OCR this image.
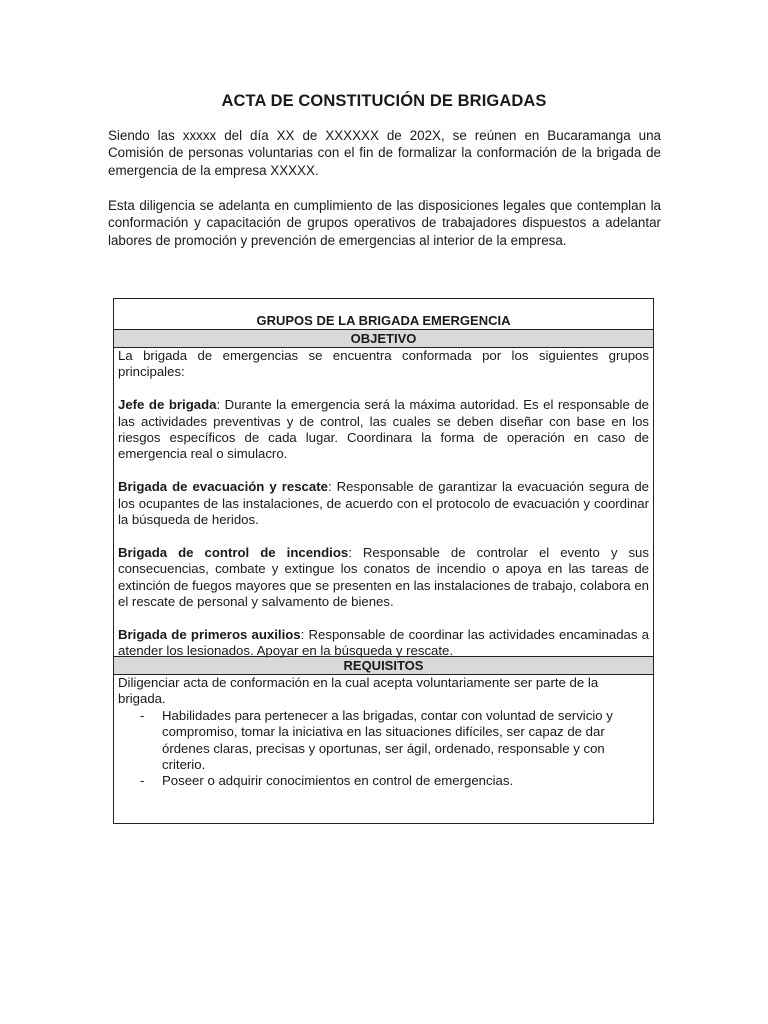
ACTA DE CONSTITUCIÓN DE BRIGADAS

Siendo las xxxxx del día XX de XXXXXX de 202X, se reúnen en Bucaramanga una Comisión de personas voluntarias con el fin de formalizar la conformación de la brigada de emergencia de la empresa XXXXX.

Esta diligencia se adelanta en cumplimiento de las disposiciones legales que contemplan la conformación y capacitación de grupos operativos de trabajadores dispuestos a adelantar labores de promoción y prevención de emergencias al interior de la empresa.

GRUPOS DE LA BRIGADA EMERGENCIA
OBJETIVO

La brigada de emergencias se encuentra conformada por los siguientes grupos principales:

Jefe de brigada: Durante la emergencia será la máxima autoridad. Es el responsable de las actividades preventivas y de control, las cuales se deben diseñar con base en los riesgos específicos de cada lugar. Coordinara la forma de operación en caso de emergencia real o simulacro.

Brigada de evacuación y rescate: Responsable de garantizar la evacuación segura de los ocupantes de las instalaciones, de acuerdo con el protocolo de evacuación y coordinar la búsqueda de heridos.

Brigada de control de incendios: Responsable de controlar el evento y sus consecuencias, combate y extingue los conatos de incendio o apoya en las tareas de extinción de fuegos mayores que se presenten en las instalaciones de trabajo, colabora en el rescate de personal y salvamento de bienes.

Brigada de primeros auxilios: Responsable de coordinar las actividades encaminadas a atender los lesionados. Apoyar en la búsqueda y rescate.

REQUISITOS
Diligenciar acta de conformación en la cual acepta voluntariamente ser parte de la brigada.
- Habilidades para pertenecer a las brigadas, contar con voluntad de servicio y compromiso, tomar la iniciativa en las situaciones difíciles, ser capaz de dar órdenes claras, precisas y oportunas, ser ágil, ordenado, responsable y con criterio.
- Poseer o adquirir conocimientos en control de emergencias.
